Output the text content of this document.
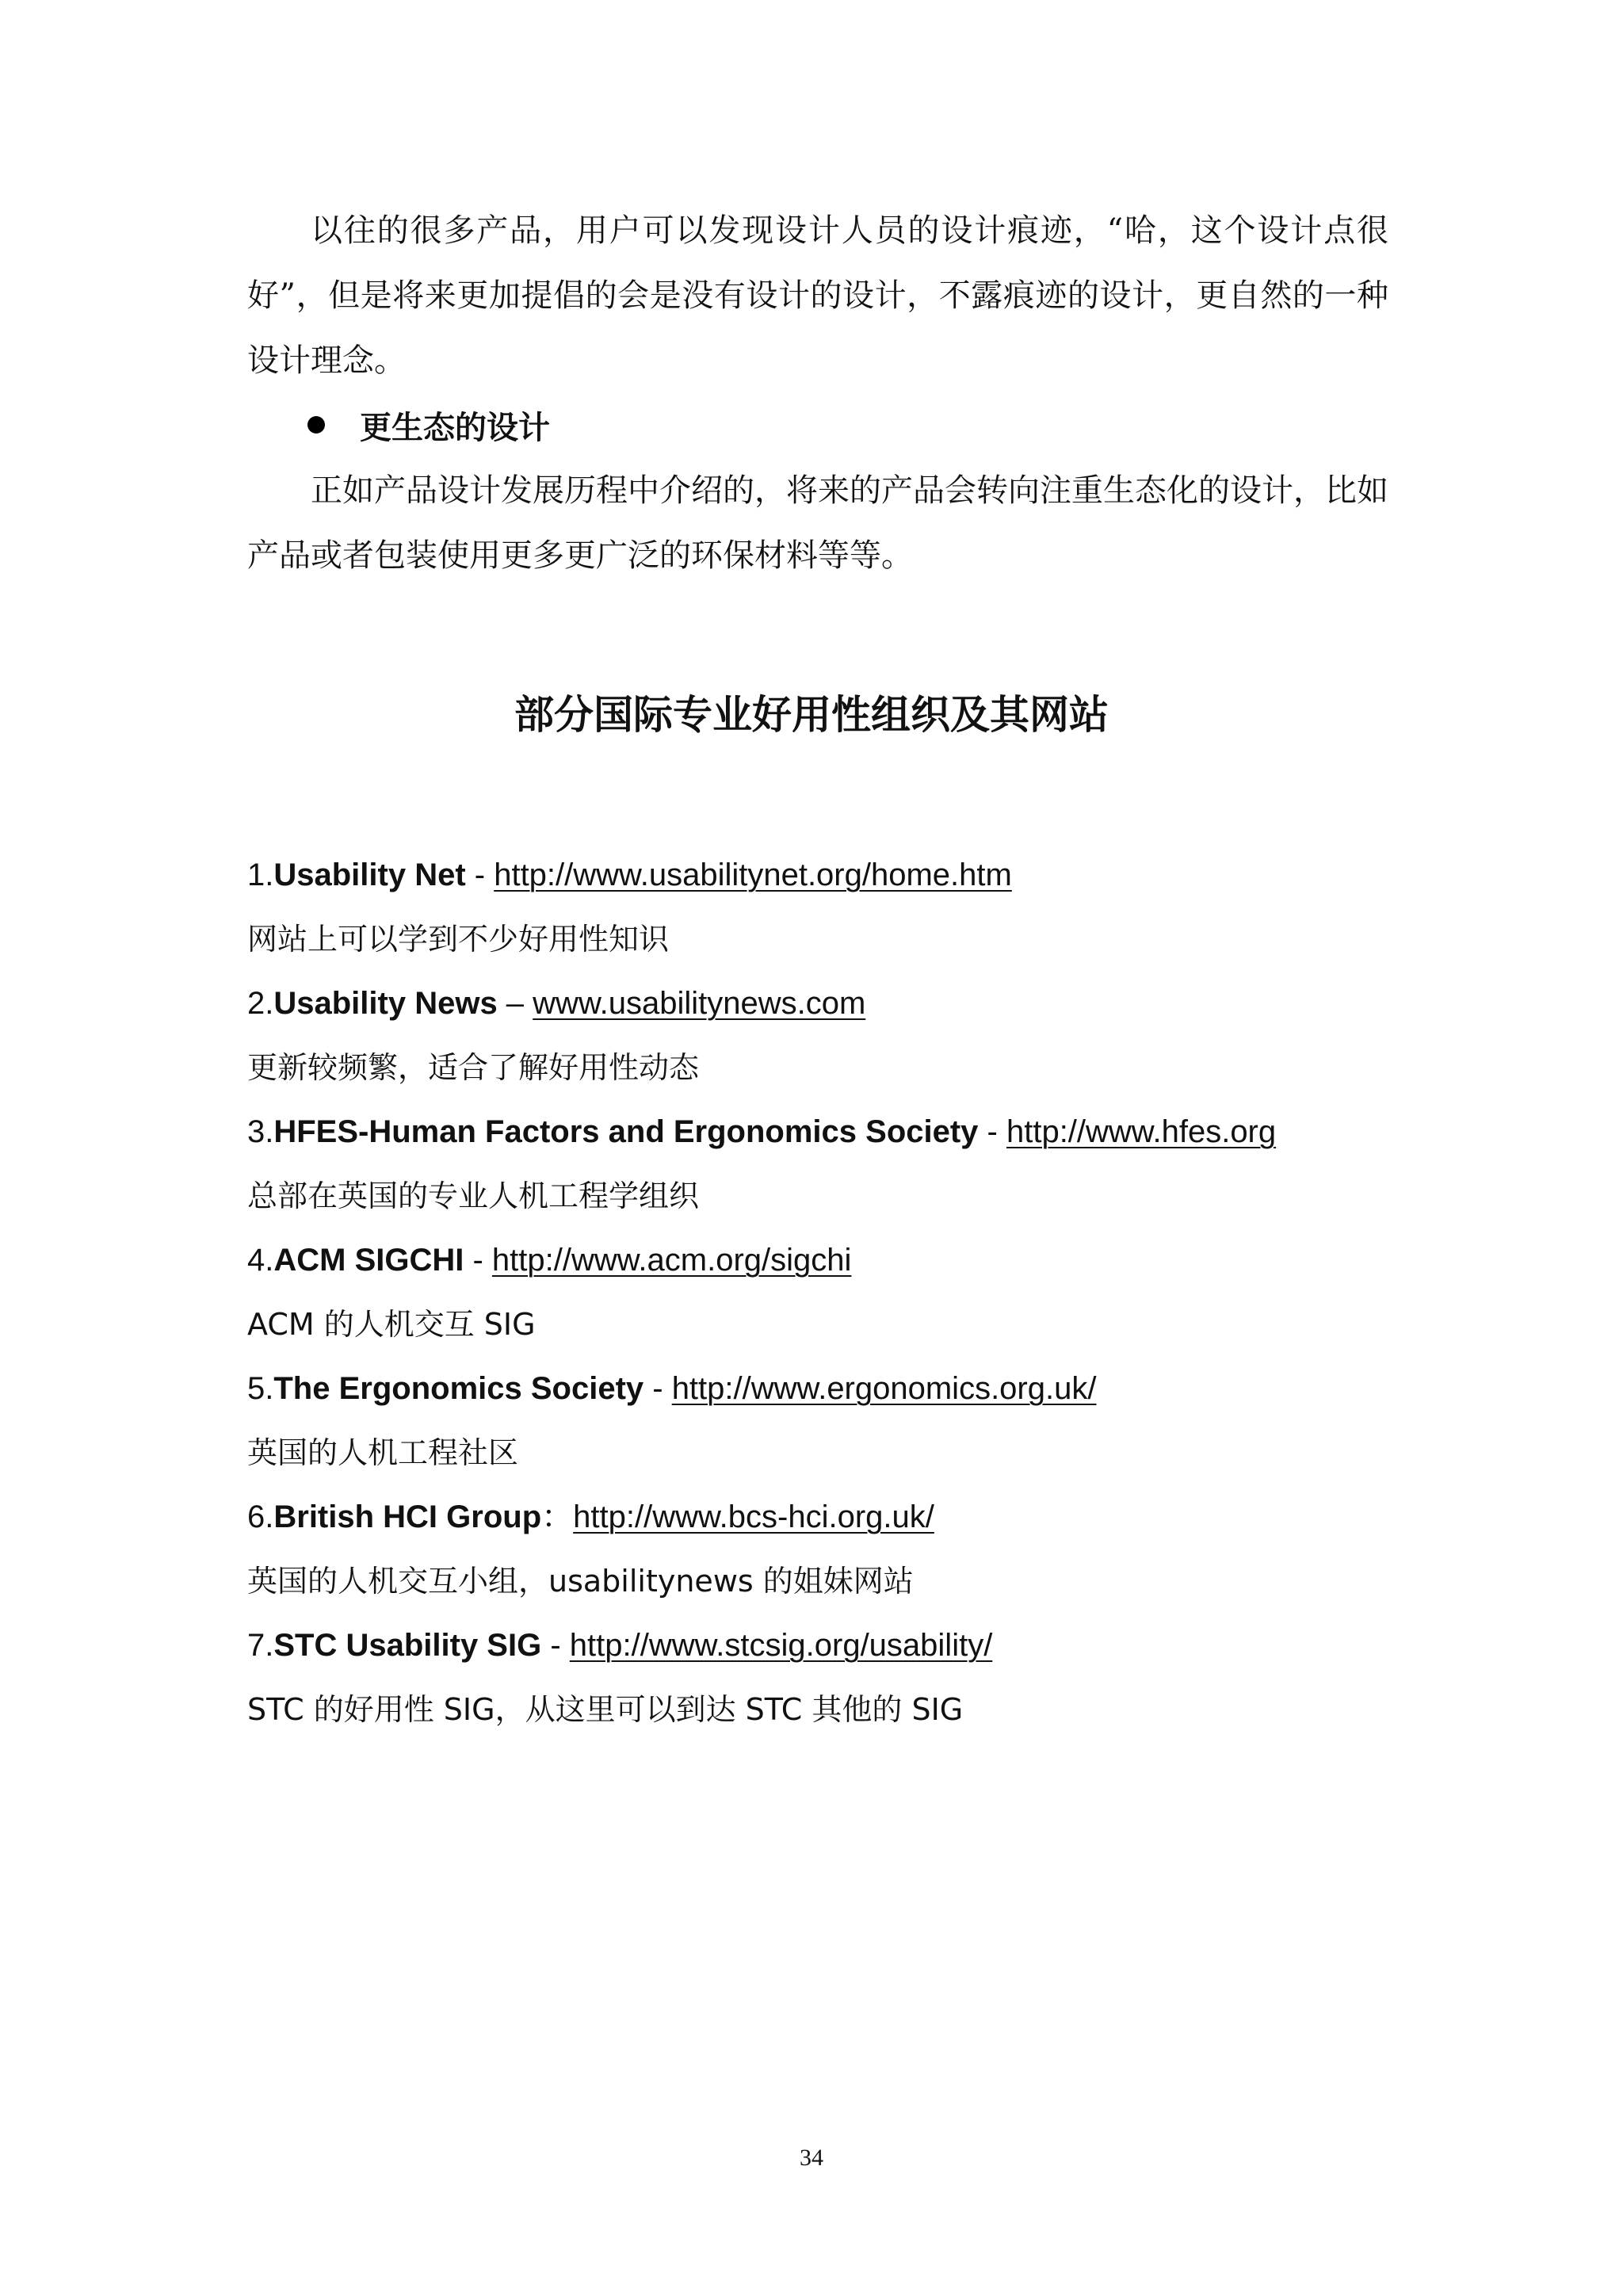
以往的很多产品，用户可以发现设计人员的设计痕迹，“哈，这个设计点很好”，但是将来更加提倡的会是没有设计的设计，不露痕迹的设计，更自然的一种设计理念。

更生态的设计

正如产品设计发展历程中介绍的，将来的产品会转向注重生态化的设计，比如产品或者包装使用更多更广泛的环保材料等等。

部分国际专业好用性组织及其网站
1.Usability Net - http://www.usabilitynet.org/home.htm
网站上可以学到不少好用性知识
2.Usability News – www.usabilitynews.com
更新较频繁，适合了解好用性动态
3.HFES-Human Factors and Ergonomics Society - http://www.hfes.org
总部在英国的专业人机工程学组织
4.ACM SIGCHI - http://www.acm.org/sigchi
ACM 的人机交互 SIG
5.The Ergonomics Society - http://www.ergonomics.org.uk/
英国的人机工程社区
6.British HCI Group：http://www.bcs-hci.org.uk/
英国的人机交互小组，usabilitynews 的姐妹网站
7.STC Usability SIG - http://www.stcsig.org/usability/
STC 的好用性 SIG，从这里可以到达 STC 其他的 SIG
34
